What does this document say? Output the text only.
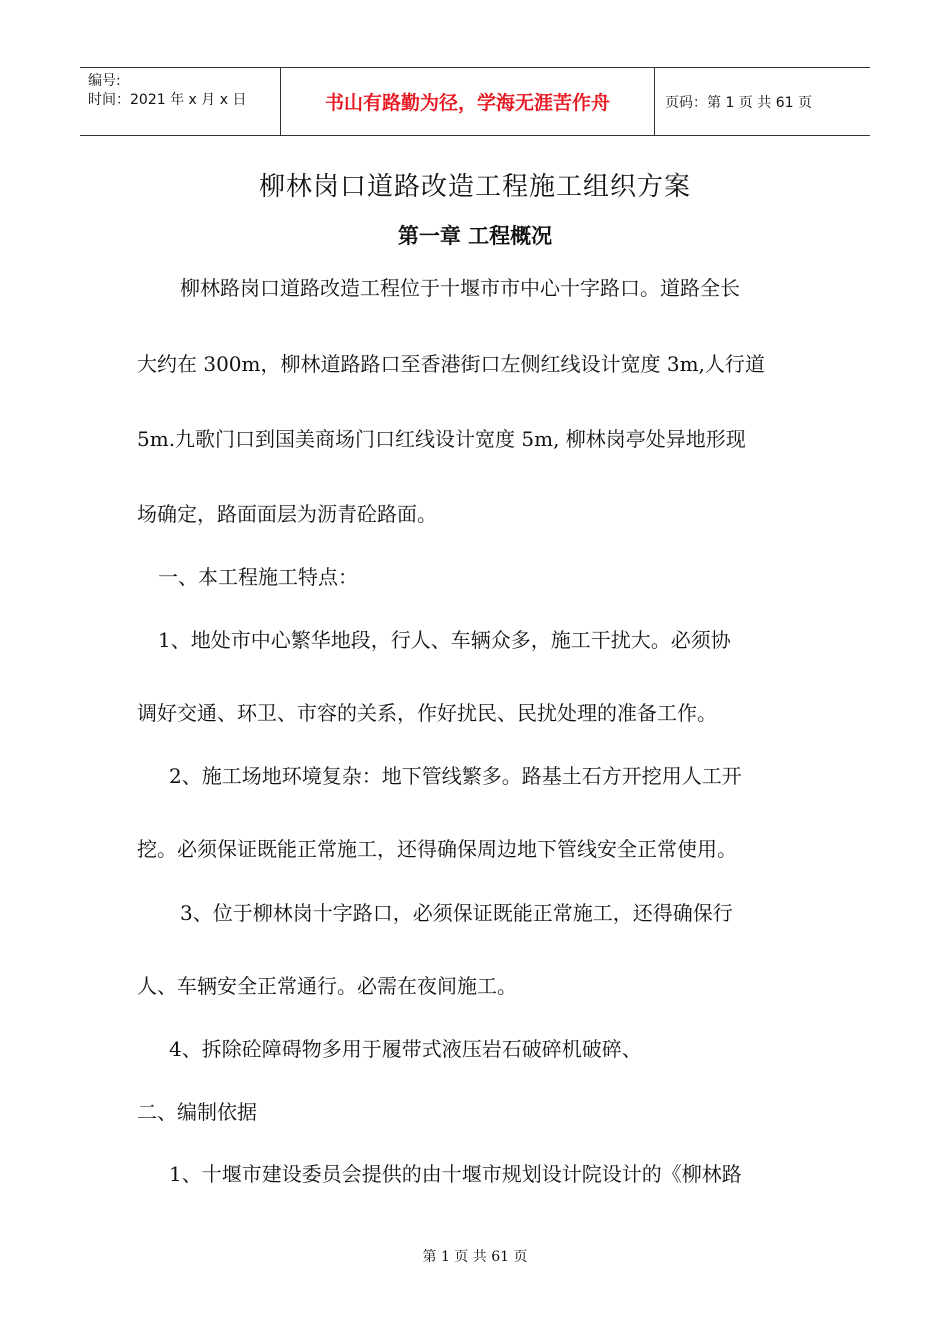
编号:
时间：2021 年 x 月 x 日	书山有路勤为径，学海无涯苦作舟	页码：第 1 页 共 61 页
柳林岗口道路改造工程施工组织方案
第一章 工程概况
柳林路岗口道路改造工程位于十堰市市中心十字路口。道路全长
大约在 300m，柳林道路路口至香港街口左侧红线设计宽度 3m,人行道
5m.九歌门口到国美商场门口红线设计宽度 5m, 柳林岗亭处异地形现
场确定，路面面层为沥青砼路面。
一、本工程施工特点：
1、地处市中心繁华地段，行人、车辆众多，施工干扰大。必须协
调好交通、环卫、市容的关系，作好扰民、民扰处理的准备工作。
2、施工场地环境复杂：地下管线繁多。路基土石方开挖用人工开
挖。必须保证既能正常施工，还得确保周边地下管线安全正常使用。
3、位于柳林岗十字路口，必须保证既能正常施工，还得确保行
人、车辆安全正常通行。必需在夜间施工。
4、拆除砼障碍物多用于履带式液压岩石破碎机破碎、
二、编制依据
1、十堰市建设委员会提供的由十堰市规划设计院设计的《柳林路
第 1 页 共 61 页
